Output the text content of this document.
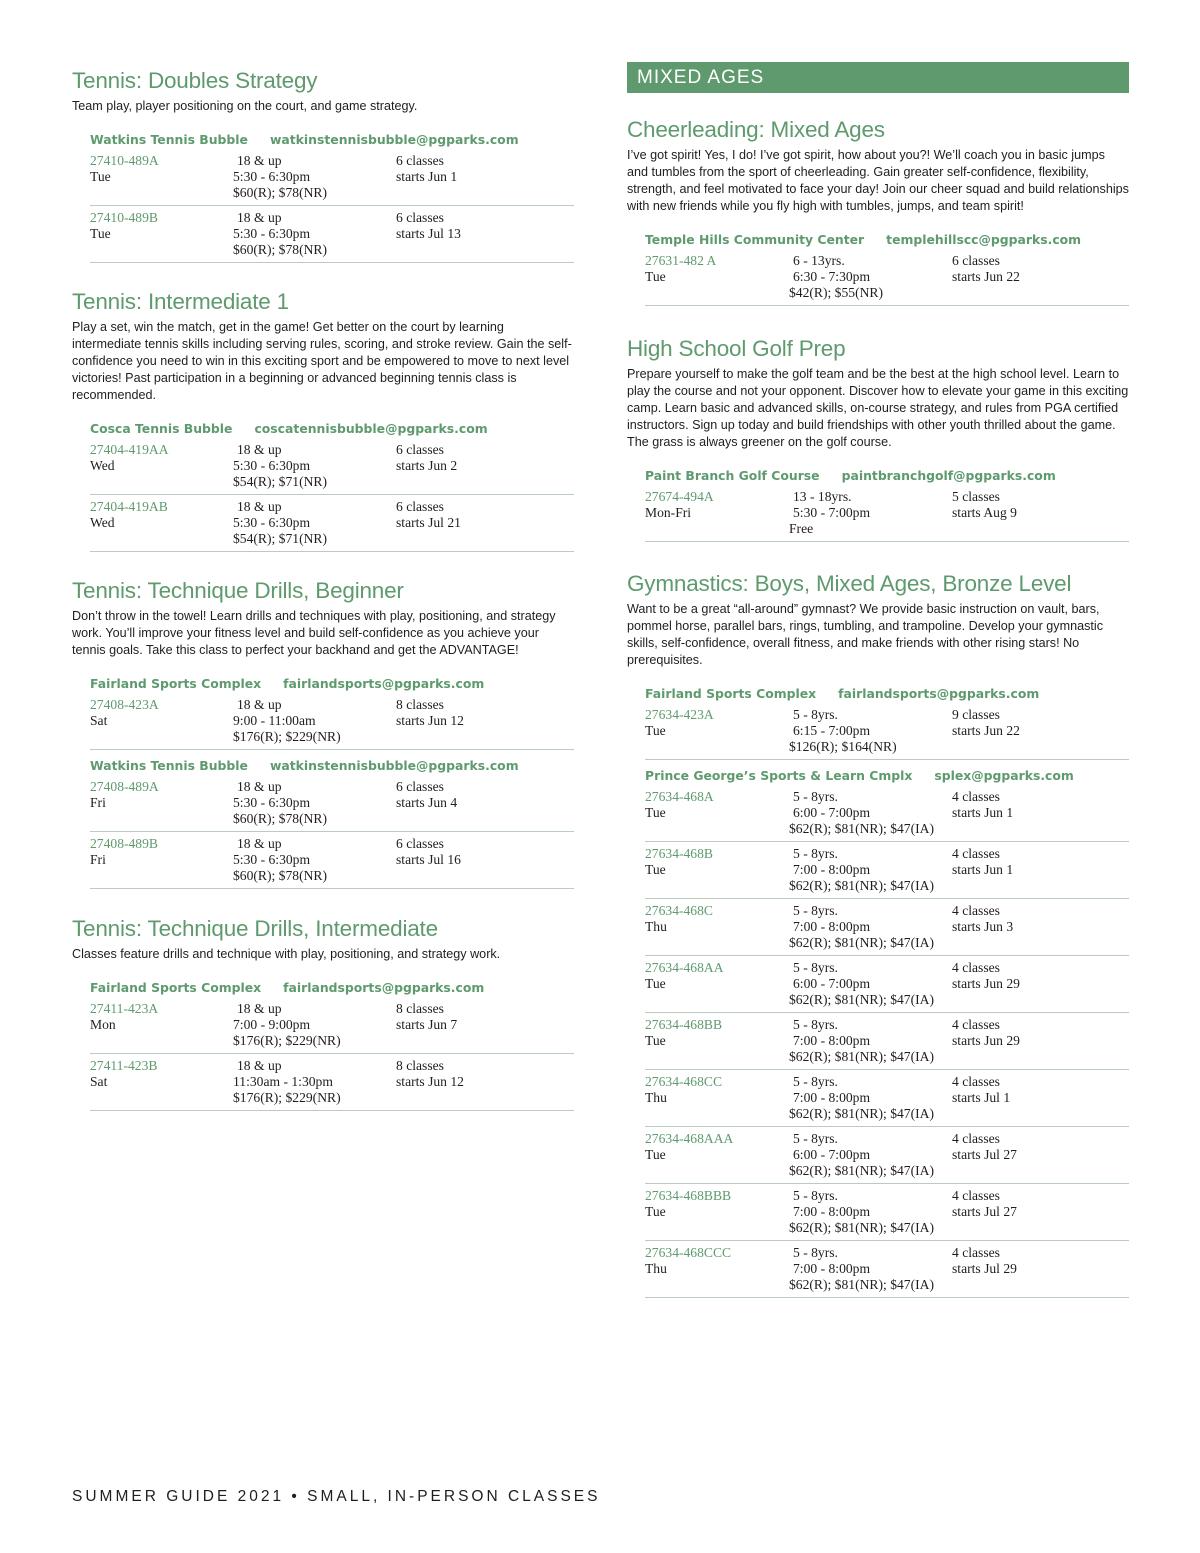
Tennis: Doubles Strategy

Team play, player positioning on the court, and game strategy.

Watkins Tennis Bubble watkinstennisbubble@pgparks.com
27410-489A
Tue
18 & up
5:30 - 6:30pm
$60(R); $78(NR)
6 classes
starts Jun 1
27410-489B
Tue
18 & up
5:30 - 6:30pm
$60(R); $78(NR)
6 classes
starts Jul 13
Tennis: Intermediate 1

Play a set, win the match, get in the game! Get better on the court by learning intermediate tennis skills including serving rules, scoring, and stroke review. Gain the self-confidence you need to win in this exciting sport and be empowered to move to next level victories! Past participation in a beginning or advanced beginning tennis class is recommended.

Cosca Tennis Bubble coscatennisbubble@pgparks.com
27404-419AA
Wed
18 & up
5:30 - 6:30pm
$54(R); $71(NR)
6 classes
starts Jun 2
27404-419AB
Wed
18 & up
5:30 - 6:30pm
$54(R); $71(NR)
6 classes
starts Jul 21
Tennis: Technique Drills, Beginner

Don’t throw in the towel! Learn drills and techniques with play, positioning, and strategy work. You’ll improve your fitness level and build self-confidence as you achieve your tennis goals. Take this class to perfect your backhand and get the ADVANTAGE!

Fairland Sports Complex fairlandsports@pgparks.com
27408-423A
Sat
18 & up
9:00 - 11:00am
$176(R); $229(NR)
8 classes
starts Jun 12
Watkins Tennis Bubble watkinstennisbubble@pgparks.com
27408-489A
Fri
18 & up
5:30 - 6:30pm
$60(R); $78(NR)
6 classes
starts Jun 4
27408-489B
Fri
18 & up
5:30 - 6:30pm
$60(R); $78(NR)
6 classes
starts Jul 16
Tennis: Technique Drills, Intermediate

Classes feature drills and technique with play, positioning, and strategy work.

Fairland Sports Complex fairlandsports@pgparks.com
27411-423A
Mon
18 & up
7:00 - 9:00pm
$176(R); $229(NR)
8 classes
starts Jun 7
27411-423B
Sat
18 & up
11:30am - 1:30pm
$176(R); $229(NR)
8 classes
starts Jun 12
MIXED AGES
Cheerleading: Mixed Ages

I’ve got spirit! Yes, I do! I’ve got spirit, how about you?! We’ll coach you in basic jumps and tumbles from the sport of cheerleading. Gain greater self-confidence, flexibility, strength, and feel motivated to face your day! Join our cheer squad and build relationships with new friends while you fly high with tumbles, jumps, and team spirit!

Temple Hills Community Center templehillscc@pgparks.com
27631-482 A
Tue
6 - 13yrs.
6:30 - 7:30pm
$42(R); $55(NR)
6 classes
starts Jun 22
High School Golf Prep

Prepare yourself to make the golf team and be the best at the high school level. Learn to play the course and not your opponent. Discover how to elevate your game in this exciting camp. Learn basic and advanced skills, on-course strategy, and rules from PGA certified instructors. Sign up today and build friendships with other youth thrilled about the game. The grass is always greener on the golf course.

Paint Branch Golf Course paintbranchgolf@pgparks.com
27674-494A
Mon-Fri
13 - 18yrs.
5:30 - 7:00pm
Free
5 classes
starts Aug 9
Gymnastics: Boys, Mixed Ages, Bronze Level

Want to be a great “all-around” gymnast? We provide basic instruction on vault, bars, pommel horse, parallel bars, rings, tumbling, and trampoline. Develop your gymnastic skills, self-confidence, overall fitness, and make friends with other rising stars! No prerequisites.

Fairland Sports Complex fairlandsports@pgparks.com
27634-423A
Tue
5 - 8yrs.
6:15 - 7:00pm
$126(R); $164(NR)
9 classes
starts Jun 22
Prince George’s Sports & Learn Cmplx splex@pgparks.com
27634-468A
Tue
5 - 8yrs.
6:00 - 7:00pm
$62(R); $81(NR); $47(IA)
4 classes
starts Jun 1
27634-468B
Tue
5 - 8yrs.
7:00 - 8:00pm
$62(R); $81(NR); $47(IA)
4 classes
starts Jun 1
27634-468C
Thu
5 - 8yrs.
7:00 - 8:00pm
$62(R); $81(NR); $47(IA)
4 classes
starts Jun 3
27634-468AA
Tue
5 - 8yrs.
6:00 - 7:00pm
$62(R); $81(NR); $47(IA)
4 classes
starts Jun 29
27634-468BB
Tue
5 - 8yrs.
7:00 - 8:00pm
$62(R); $81(NR); $47(IA)
4 classes
starts Jun 29
27634-468CC
Thu
5 - 8yrs.
7:00 - 8:00pm
$62(R); $81(NR); $47(IA)
4 classes
starts Jul 1
27634-468AAA
Tue
5 - 8yrs.
6:00 - 7:00pm
$62(R); $81(NR); $47(IA)
4 classes
starts Jul 27
27634-468BBB
Tue
5 - 8yrs.
7:00 - 8:00pm
$62(R); $81(NR); $47(IA)
4 classes
starts Jul 27
27634-468CCC
Thu
5 - 8yrs.
7:00 - 8:00pm
$62(R); $81(NR); $47(IA)
4 classes
starts Jul 29
SUMMER GUIDE 2021 • SMALL, IN-PERSON CLASSES
